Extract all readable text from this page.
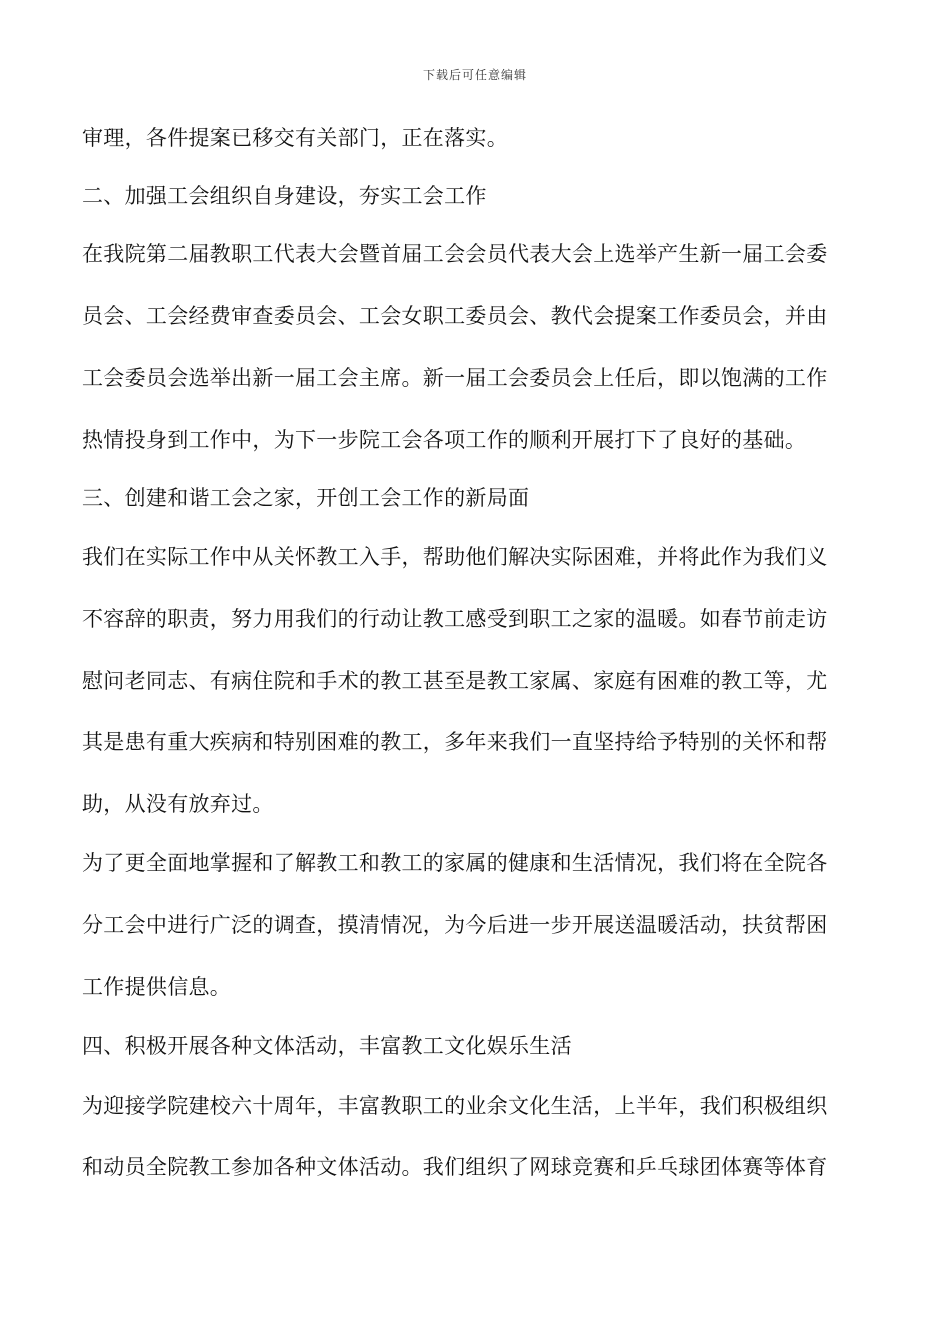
下载后可任意编辑
审理，各件提案已移交有关部门，正在落实。
二、加强工会组织自身建设，夯实工会工作
在我院第二届教职工代表大会暨首届工会会员代表大会上选举产生新一届工会委
员会、工会经费审查委员会、工会女职工委员会、教代会提案工作委员会，并由
工会委员会选举出新一届工会主席。新一届工会委员会上任后，即以饱满的工作
热情投身到工作中，为下一步院工会各项工作的顺利开展打下了良好的基础。
三、创建和谐工会之家，开创工会工作的新局面
我们在实际工作中从关怀教工入手，帮助他们解决实际困难，并将此作为我们义
不容辞的职责，努力用我们的行动让教工感受到职工之家的温暖。如春节前走访
慰问老同志、有病住院和手术的教工甚至是教工家属、家庭有困难的教工等，尤
其是患有重大疾病和特别困难的教工，多年来我们一直坚持给予特别的关怀和帮
助，从没有放弃过。
为了更全面地掌握和了解教工和教工的家属的健康和生活情况，我们将在全院各
分工会中进行广泛的调查，摸清情况，为今后进一步开展送温暖活动，扶贫帮困
工作提供信息。
四、积极开展各种文体活动，丰富教工文化娱乐生活
为迎接学院建校六十周年，丰富教职工的业余文化生活，上半年，我们积极组织
和动员全院教工参加各种文体活动。我们组织了网球竞赛和乒乓球团体赛等体育
